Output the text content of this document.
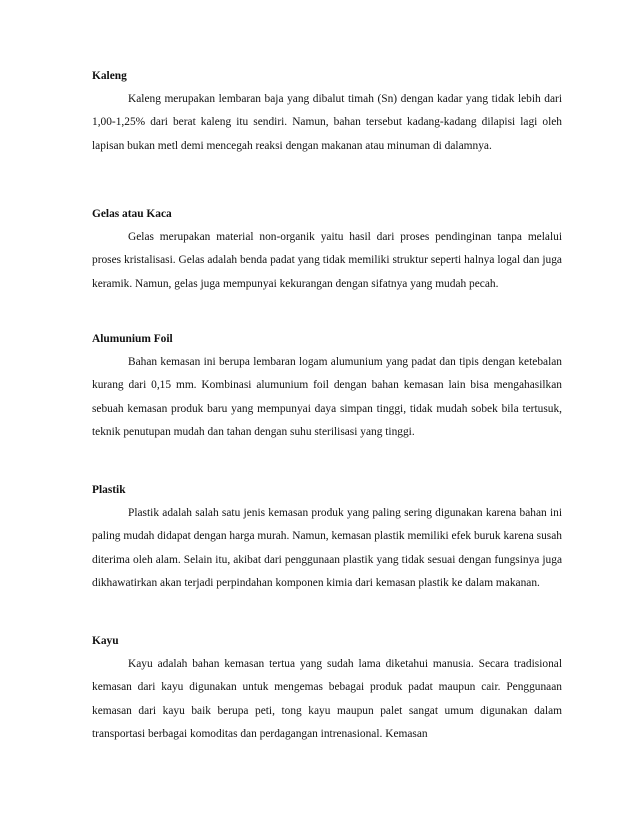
Kaleng

Kaleng merupakan lembaran baja yang dibalut timah (Sn) dengan kadar yang tidak lebih dari 1,00-1,25% dari berat kaleng itu sendiri. Namun, bahan tersebut kadang-kadang dilapisi lagi oleh lapisan bukan metl demi mencegah reaksi dengan makanan atau minuman di dalamnya.

Gelas atau Kaca

Gelas merupakan material non-organik yaitu hasil dari proses pendinginan tanpa melalui proses kristalisasi. Gelas adalah benda padat yang tidak memiliki struktur seperti halnya logal dan juga keramik. Namun, gelas juga mempunyai kekurangan dengan sifatnya yang mudah pecah.

Alumunium Foil

Bahan kemasan ini berupa lembaran logam alumunium yang padat dan tipis dengan ketebalan kurang dari 0,15 mm. Kombinasi alumunium foil dengan bahan kemasan lain bisa mengahasilkan sebuah kemasan produk baru yang mempunyai daya simpan tinggi, tidak mudah sobek bila tertusuk, teknik penutupan mudah dan tahan dengan suhu sterilisasi yang tinggi.

Plastik

Plastik adalah salah satu jenis kemasan produk yang paling sering digunakan karena bahan ini paling mudah didapat dengan harga murah. Namun, kemasan plastik memiliki efek buruk karena susah diterima oleh alam. Selain itu, akibat dari penggunaan plastik yang tidak sesuai dengan fungsinya juga dikhawatirkan akan terjadi perpindahan komponen kimia dari kemasan plastik ke dalam makanan.

Kayu

Kayu adalah bahan kemasan tertua yang sudah lama diketahui manusia. Secara tradisional kemasan dari kayu digunakan untuk mengemas bebagai produk padat maupun cair. Penggunaan kemasan dari kayu baik berupa peti, tong kayu maupun palet sangat umum digunakan dalam transportasi berbagai komoditas dan perdagangan intrenasional. Kemasan
